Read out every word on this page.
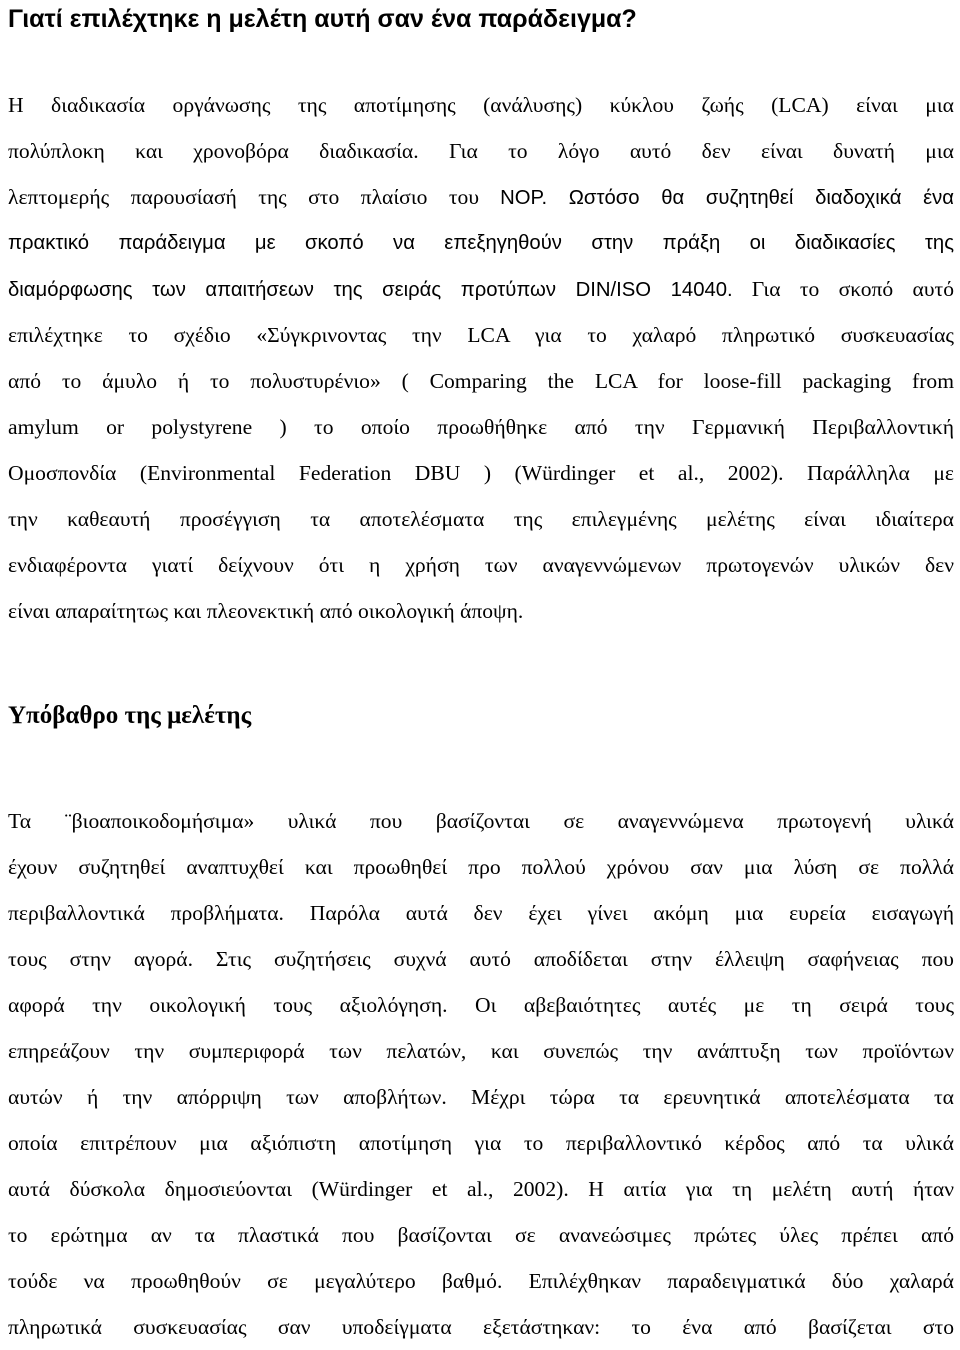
Γιατί επιλέχτηκε η μελέτη αυτή σαν ένα παράδειγμα?
Η διαδικασία οργάνωσης της αποτίμησης (ανάλυσης) κύκλου ζωής (LCA) είναι μια
πολύπλοκη και χρονοβόρα διαδικασία. Για το λόγο αυτό δεν είναι δυνατή μια
λεπτομερής παρουσίασή της στο πλαίσιο του ΝΟΡ. Ωστόσο θα συζητηθεί διαδοχικά ένα
πρακτικό παράδειγμα με σκοπό να επεξηγηθούν στην πράξη οι διαδικασίες της
διαμόρφωσης των απαιτήσεων της σειράς προτύπων DIN/ISO 14040. Για το σκοπό αυτό
επιλέχτηκε το σχέδιο «Σύγκρινοντας την LCA για το χαλαρό πληρωτικό συσκευασίας
από το άμυλο ή το πολυστυρένιο» ( Comparing the LCA for loose-fill packaging from
amylum or polystyrene ) το οποίο προωθήθηκε από την Γερμανική Περιβαλλοντική
Ομοσπονδία (Environmental Federation DBU ) (Würdinger et al., 2002). Παράλληλα με
την καθεαυτή προσέγγιση τα αποτελέσματα της επιλεγμένης μελέτης είναι ιδιαίτερα
ενδιαφέροντα γιατί δείχνουν ότι η χρήση των αναγεννώμενων πρωτογενών υλικών δεν
είναι απαραίτητως και πλεονεκτική από οικολογική άποψη.
Υπόβαθρο της μελέτης
Τα ¨βιοαποικοδομήσιμα» υλικά που βασίζονται σε αναγεννώμενα πρωτογενή υλικά
έχουν συζητηθεί αναπτυχθεί και προωθηθεί προ πολλού χρόνου σαν μια λύση σε πολλά
περιβαλλοντικά προβλήματα. Παρόλα αυτά δεν έχει γίνει ακόμη μια ευρεία εισαγωγή
τους στην αγορά. Στις συζητήσεις συχνά αυτό αποδίδεται στην έλλειψη σαφήνειας που
αφορά την οικολογική τους αξιολόγηση. Οι αβεβαιότητες αυτές με τη σειρά τους
επηρεάζουν την συμπεριφορά των πελατών, και συνεπώς την ανάπτυξη των προϊόντων
αυτών ή την απόρριψη των αποβλήτων. Μέχρι τώρα τα ερευνητικά αποτελέσματα τα
οποία επιτρέπουν μια αξιόπιστη αποτίμηση για το περιβαλλοντικό κέρδος από τα υλικά
αυτά δύσκολα δημοσιεύονται (Würdinger et al., 2002). Η αιτία για τη μελέτη αυτή ήταν
το ερώτημα αν τα πλαστικά που βασίζονται σε ανανεώσιμες πρώτες ύλες πρέπει από
τούδε να προωθηθούν σε μεγαλύτερο βαθμό. Επιλέχθηκαν παραδειγματικά δύο χαλαρά
πληρωτικά συσκευασίας σαν υποδείγματα εξετάστηκαν: το ένα από βασίζεται στο
